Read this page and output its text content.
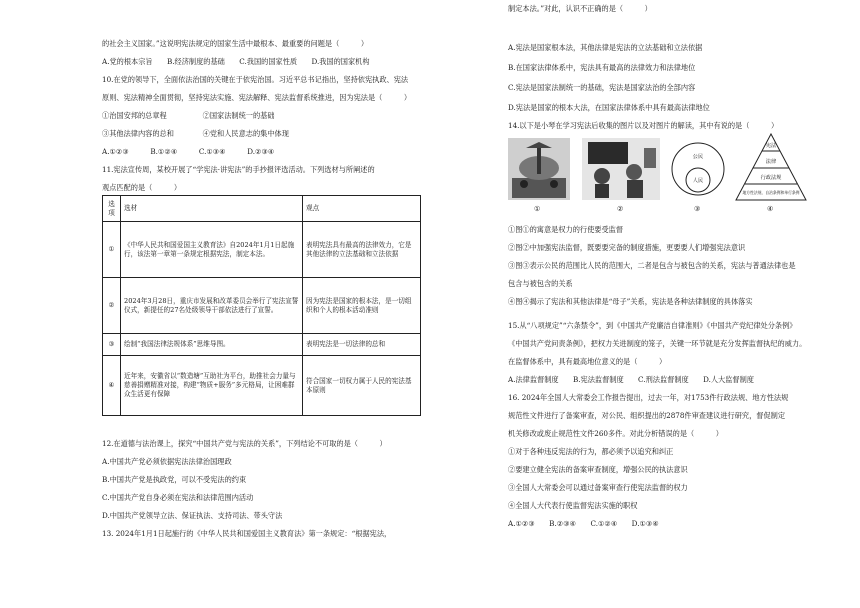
的社会主义国家。”这说明宪法规定的国家生活中最根本、最重要的问题是（　　　）
A.党的根本宗旨　　B.经济制度的基础　　C.我国的国家性质　　D.我国的国家机构
10.在党的领导下，全面依法治国的关键在于依宪治国。习近平总书记指出，坚持依宪执政、宪法
原则、宪法精神全面贯彻，坚持宪法实施、宪法解释、宪法监督系统推进，因为宪法是（　　　）
①治国安邦的总章程　　　　　②国家法制统一的基础
③其他法律内容的总和　　　　④党和人民意志的集中体现
A.①②③　　　B.①②④　　　C.①③④　　　D.②③④
11.宪法宣传周，某校开展了“学宪法·讲宪法”的手抄报评选活动。下列选材与所阐述的
观点匹配的是（　　　）
选项	选材	观点
①	《中华人民共和国爱国主义教育法》自2024年1月1日起施行，该法第一章第一条规定根据宪法，制定本法。	表明宪法具有最高的法律效力，它是其他法律的立法基础和立法依据
②	2024年3月28日，重庆市发展和改革委员会举行了宪法宣誓仪式，新提任的27名处级领导干部依法进行了宣誓。	因为宪法是国家的根本法，是一切组织和个人的根本活动准则
③	绘制“我国法律法规体系”思维导图。	表明宪法是一切法律的总和
④	近年来，安徽省以“数造塘”互助社为平台，助推社会力量与慈善捐赠精准对接，构建“物质+服务”多元格局，让困难群众生活更有保障	符合国家一切权力属于人民的宪法基本原则
12.在道德与法治课上，探究“中国共产党与宪法的关系”，下列结论不可取的是（　　　）
A.中国共产党必须依据宪法法律治国理政
B.中国共产党是执政党，可以不受宪法的约束
C.中国共产党自身必须在宪法和法律范围内活动
D.中国共产党领导立法、保证执法、支持司法、带头守法
13. 2024年1月1日起施行的《中华人民共和国爱国主义教育法》第一条规定：“根据宪法，
制定本法。”对此，认识不正确的是（　　　）
A.宪法是国家根本法，其他法律是宪法的立法基础和立法依据
B.在国家法律体系中，宪法具有最高的法律效力和法律地位
C.宪法是国家法制统一的基础，宪法是国家法治的全部内容
D.宪法是国家的根本大法，在国家法律体系中具有最高法律地位
14.以下是小琴在学习宪法后收集的图片以及对图片的解读，其中有说的是（　　　）
公民
人民
宪法
法律
行政法规
地方性法规、自治条例和单行条例
①	②	③	④
①图①的寓意是权力的行使要受监督
②图②中加强宪法监督，既要要完备的制度措施，更要要人们增强宪法意识
③图③表示公民的范围比人民的范围大，二者是包含与被包含的关系，宪法与普通法律也是
包含与被包含的关系
④图④揭示了宪法和其他法律是“母子”关系，宪法是各种法律制度的具体落实
15.从“八项规定”“六条禁令”，到《中国共产党廉洁自律准则》《中国共产党纪律处分条例》
《中国共产党问责条例》，把权力关进制度的笼子，关键一环节就是充分发挥监督执纪的威力。
在监督体系中，具有最高地位意义的是（　　　）
A.法律监督制度　　B.宪法监督制度　　C.刑法监督制度　　D.人大监督制度
16. 2024年全国人大常委会工作报告提出，过去一年，对1753件行政法规、地方性法规
规范性文件进行了备案审查，对公民、组织提出的2878件审查建议进行研究，督促制定
机关修改或废止规范性文件260多件。对此分析错误的是（　　　）
①对于各种违反宪法的行为，都必须予以追究和纠正
②要建立健全宪法的备案审查制度，增强公民的执法意识
③全国人大常委会可以通过备案审查行使宪法监督的权力
④全国人大代表行使监督宪法实施的职权
A.①②③　　B.②③④　　C.①②④　　D.①③④
